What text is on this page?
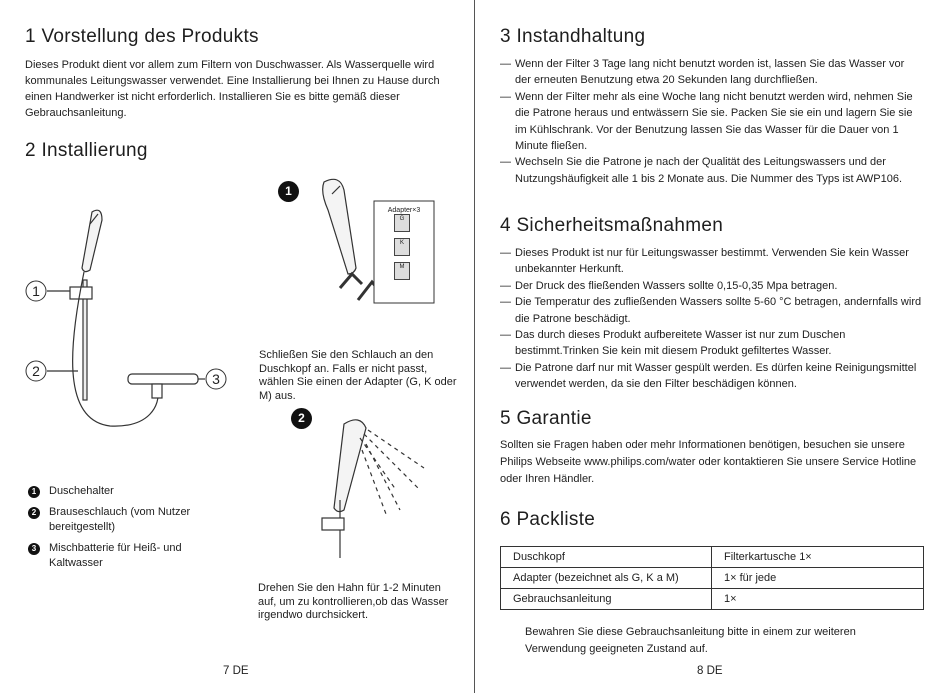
1 Vorstellung des Produkts

Dieses Produkt dient vor allem zum Filtern von Duschwasser. Als Wasserquelle wird kommunales Leitungswasser verwendet. Eine Installierung bei Ihnen zu Hause durch einen Handwerker ist nicht erforderlich. Installieren Sie es bitte gemäß dieser Gebrauchsanleitung.

2 Installierung
1
2	3
1	Duschehalter
2	Brauseschlauch (vom Nutzer bereitgestellt)
3	Mischbatterie für Heiß- und Kaltwasser
1
Adapter×3
G
K
M

Schließen Sie den Schlauch an den Duschkopf an. Falls er nicht passt, wählen Sie einen der Adapter (G, K oder M) aus.

2

Drehen Sie den Hahn für 1-2 Minuten auf, um zu kontrollieren,ob das Wasser irgendwo durchsickert.

7 DE
3 Instandhaltung
— Wenn der Filter 3 Tage lang nicht benutzt worden ist, lassen Sie das Wasser vor der erneuten Benutzung etwa 20 Sekunden lang durchfließen.
— Wenn der Filter mehr als eine Woche lang nicht benutzt werden wird, nehmen Sie die Patrone heraus und entwässern Sie sie. Packen Sie sie ein und lagern Sie sie im Kühlschrank. Vor der Benutzung lassen Sie das Wasser für die Dauer von 1 Minute fließen.
— Wechseln Sie die Patrone je nach der Qualität des Leitungswassers und der Nutzungshäufigkeit alle 1 bis 2 Monate aus. Die Nummer des Typs ist AWP106.
4 Sicherheitsmaßnahmen
— Dieses Produkt ist nur für Leitungswasser bestimmt. Verwenden Sie kein Wasser unbekannter Herkunft.
— Der Druck des fließenden Wassers sollte 0,15-0,35 Mpa betragen.
— Die Temperatur des zufließenden Wassers sollte 5-60 °C betragen, andernfalls wird die Patrone beschädigt.
— Das durch dieses Produkt aufbereitete Wasser ist nur zum Duschen bestimmt.Trinken Sie kein mit diesem Produkt gefiltertes Wasser.
— Die Patrone darf nur mit Wasser gespült werden. Es dürfen keine Reinigungsmittel verwendet werden, da sie den Filter beschädigen können.
5 Garantie

Sollten sie Fragen haben oder mehr Informationen benötigen, besuchen sie unsere Philips Webseite www.philips.com/water oder kontaktieren Sie unsere Service Hotline oder Ihren Händler.

6 Packliste
Bewahren Sie diese Gebrauchsanleitung bitte in einem zur weiteren Verwendung geeigneten Zustand auf.
8 DE
Duschkopf	Filterkartusche 1×
Adapter (bezeichnet als G, K a M)	1× für jede
Gebrauchsanleitung	1×
